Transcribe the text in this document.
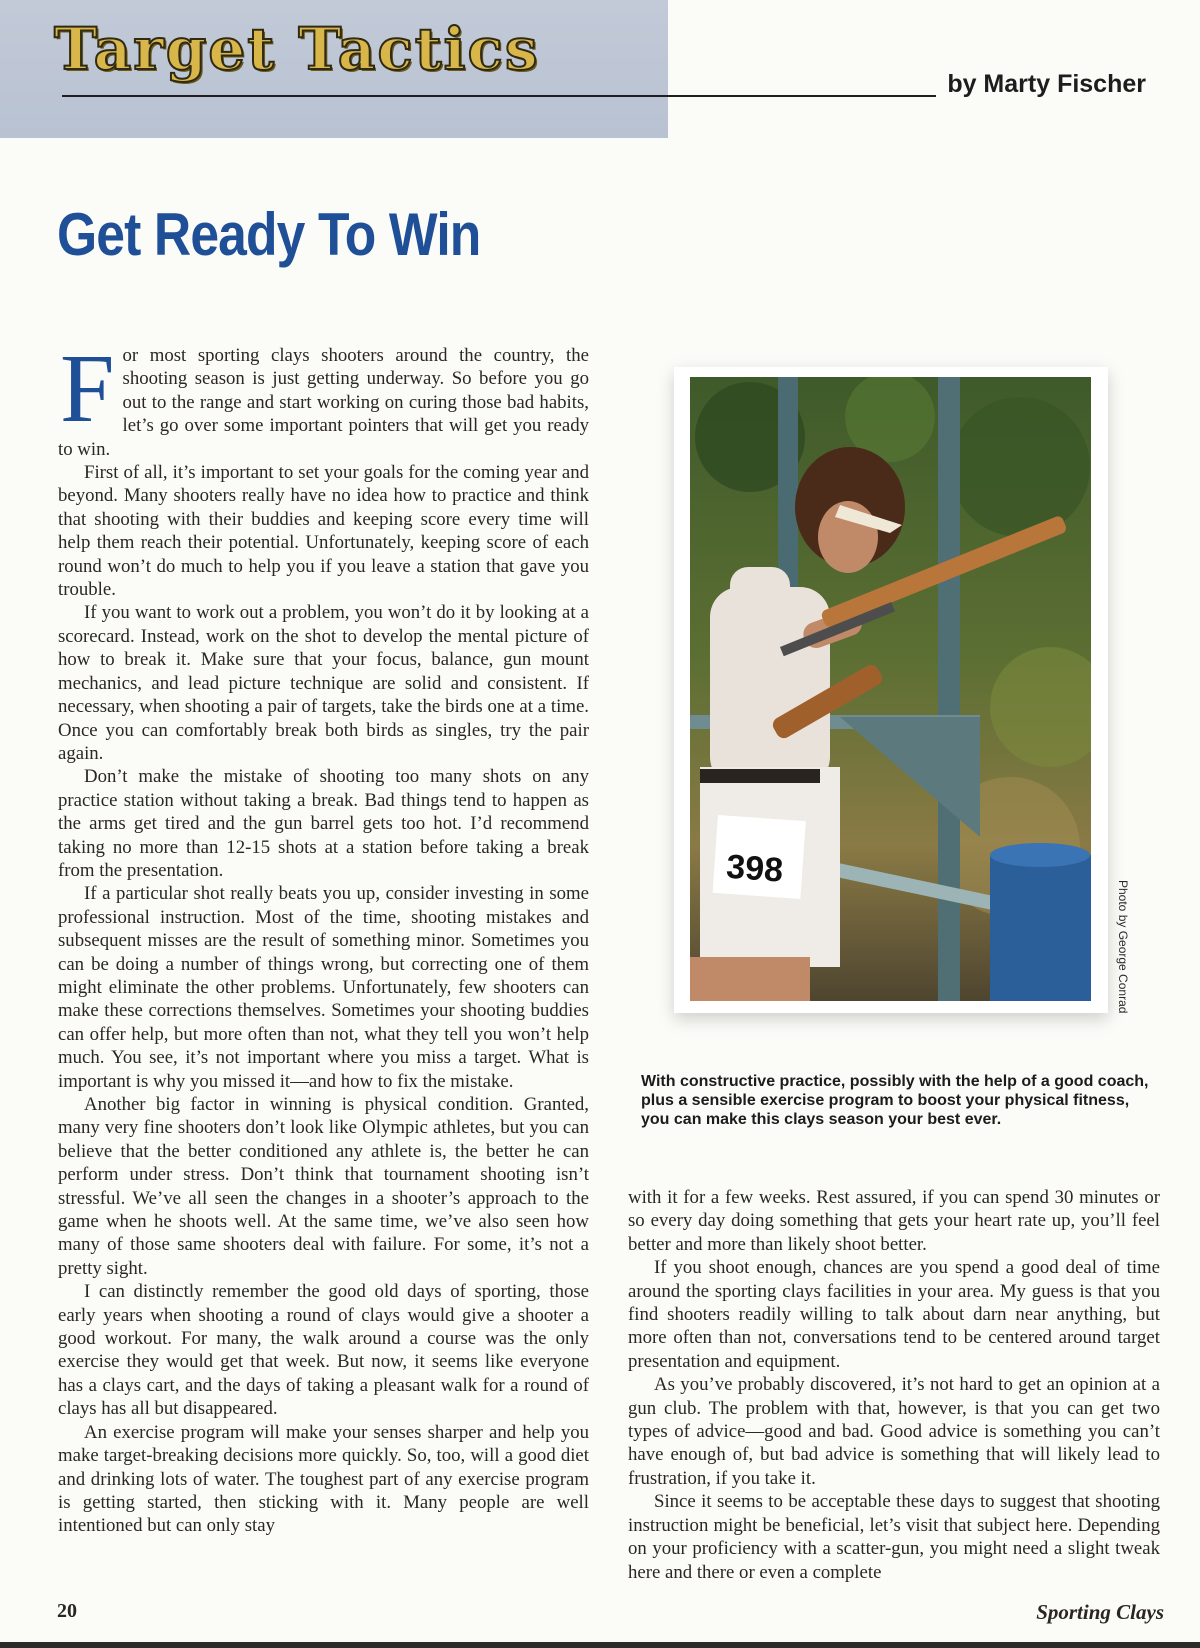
Target Tactics
by Marty Fischer
Get Ready To Win

For most sporting clays shooters around the country, the shooting season is just getting underway. So before you go out to the range and start working on curing those bad habits, let’s go over some important pointers that will get you ready to win.

First of all, it’s important to set your goals for the coming year and beyond. Many shooters really have no idea how to practice and think that shooting with their buddies and keeping score every time will help them reach their potential. Unfortunately, keeping score of each round won’t do much to help you if you leave a station that gave you trouble.

If you want to work out a problem, you won’t do it by looking at a scorecard. Instead, work on the shot to develop the mental picture of how to break it. Make sure that your focus, balance, gun mount mechanics, and lead picture technique are solid and consistent. If necessary, when shooting a pair of targets, take the birds one at a time. Once you can comfortably break both birds as singles, try the pair again.

Don’t make the mistake of shooting too many shots on any practice station without taking a break. Bad things tend to happen as the arms get tired and the gun barrel gets too hot. I’d recommend taking no more than 12-15 shots at a station before taking a break from the presentation.

If a particular shot really beats you up, consider investing in some professional instruction. Most of the time, shooting mistakes and subsequent misses are the result of something minor. Sometimes you can be doing a number of things wrong, but correcting one of them might eliminate the other problems. Unfortunately, few shooters can make these corrections themselves. Sometimes your shooting buddies can offer help, but more often than not, what they tell you won’t help much. You see, it’s not important where you miss a target. What is important is why you missed it—and how to fix the mistake.

Another big factor in winning is physical condition. Granted, many very fine shooters don’t look like Olympic athletes, but you can believe that the better conditioned any athlete is, the better he can perform under stress. Don’t think that tournament shooting isn’t stressful. We’ve all seen the changes in a shooter’s approach to the game when he shoots well. At the same time, we’ve also seen how many of those same shooters deal with failure. For some, it’s not a pretty sight.

I can distinctly remember the good old days of sporting, those early years when shooting a round of clays would give a shooter a good workout. For many, the walk around a course was the only exercise they would get that week. But now, it seems like everyone has a clays cart, and the days of taking a pleasant walk for a round of clays has all but disappeared.

An exercise program will make your senses sharper and help you make target-breaking decisions more quickly. So, too, will a good diet and drinking lots of water. The toughest part of any exercise program is getting started, then sticking with it. Many people are well intentioned but can only stay

398
Photo by George Conrad

With constructive practice, possibly with the help of a good coach, plus a sensible exercise program to boost your physical fitness, you can make this clays season your best ever.

with it for a few weeks. Rest assured, if you can spend 30 minutes or so every day doing something that gets your heart rate up, you’ll feel better and more than likely shoot better.

If you shoot enough, chances are you spend a good deal of time around the sporting clays facilities in your area. My guess is that you find shooters readily willing to talk about darn near anything, but more often than not, conversations tend to be centered around target presentation and equipment.

As you’ve probably discovered, it’s not hard to get an opinion at a gun club. The problem with that, however, is that you can get two types of advice—good and bad. Good advice is something you can’t have enough of, but bad advice is something that will likely lead to frustration, if you take it.

Since it seems to be acceptable these days to suggest that shooting instruction might be beneficial, let’s visit that subject here. Depending on your proficiency with a scatter-gun, you might need a slight tweak here and there or even a complete

20	Sporting Clays
